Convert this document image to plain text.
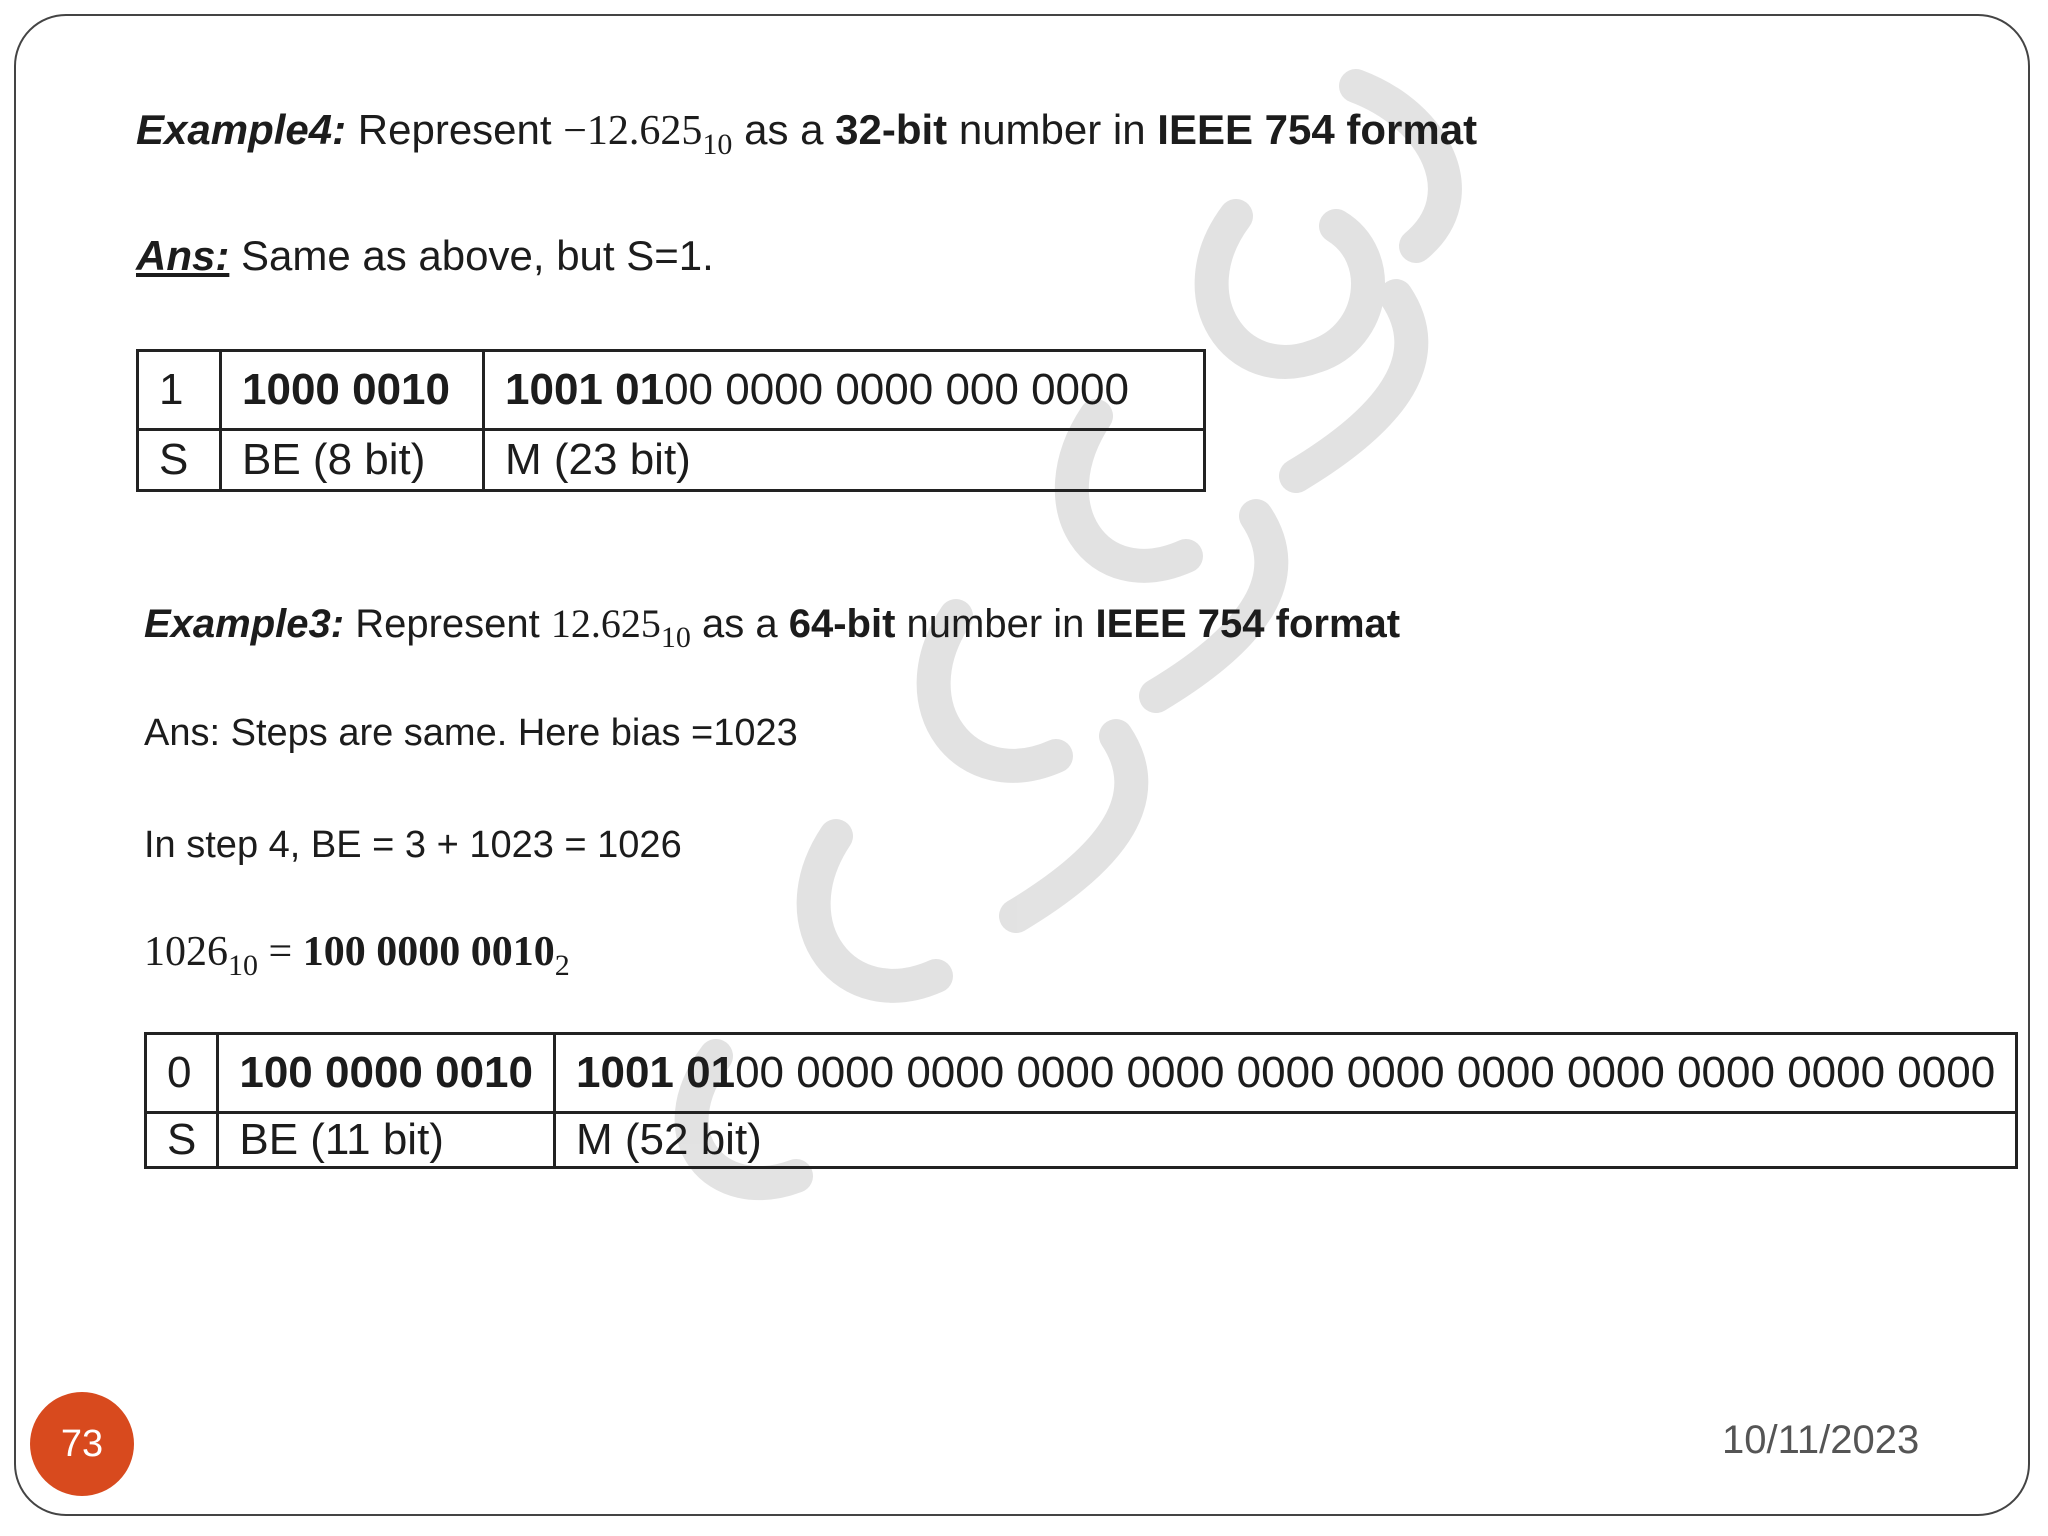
Example4: Represent $-12.625_{10}$ as a 32-bit number in IEEE 754 format
Ans: Same as above, but S=1.
1	1000 0010	1001 0100 0000 0000 000 0000
S	BE (8 bit)	M (23 bit)
Example3: Represent $12.625_{10}$ as a 64-bit number in IEEE 754 format
Ans: Steps are same. Here bias =1023
In step 4, BE = 3 + 1023 = 1026
$1026_{10} = 100$ 0000 $0010_2$
0	100 0000 0010	1001 0100 0000 0000 0000 0000 0000 0000 0000 0000 0000 0000 0000
S	BE (11 bit)	M (52 bit)
73	10/11/2023
